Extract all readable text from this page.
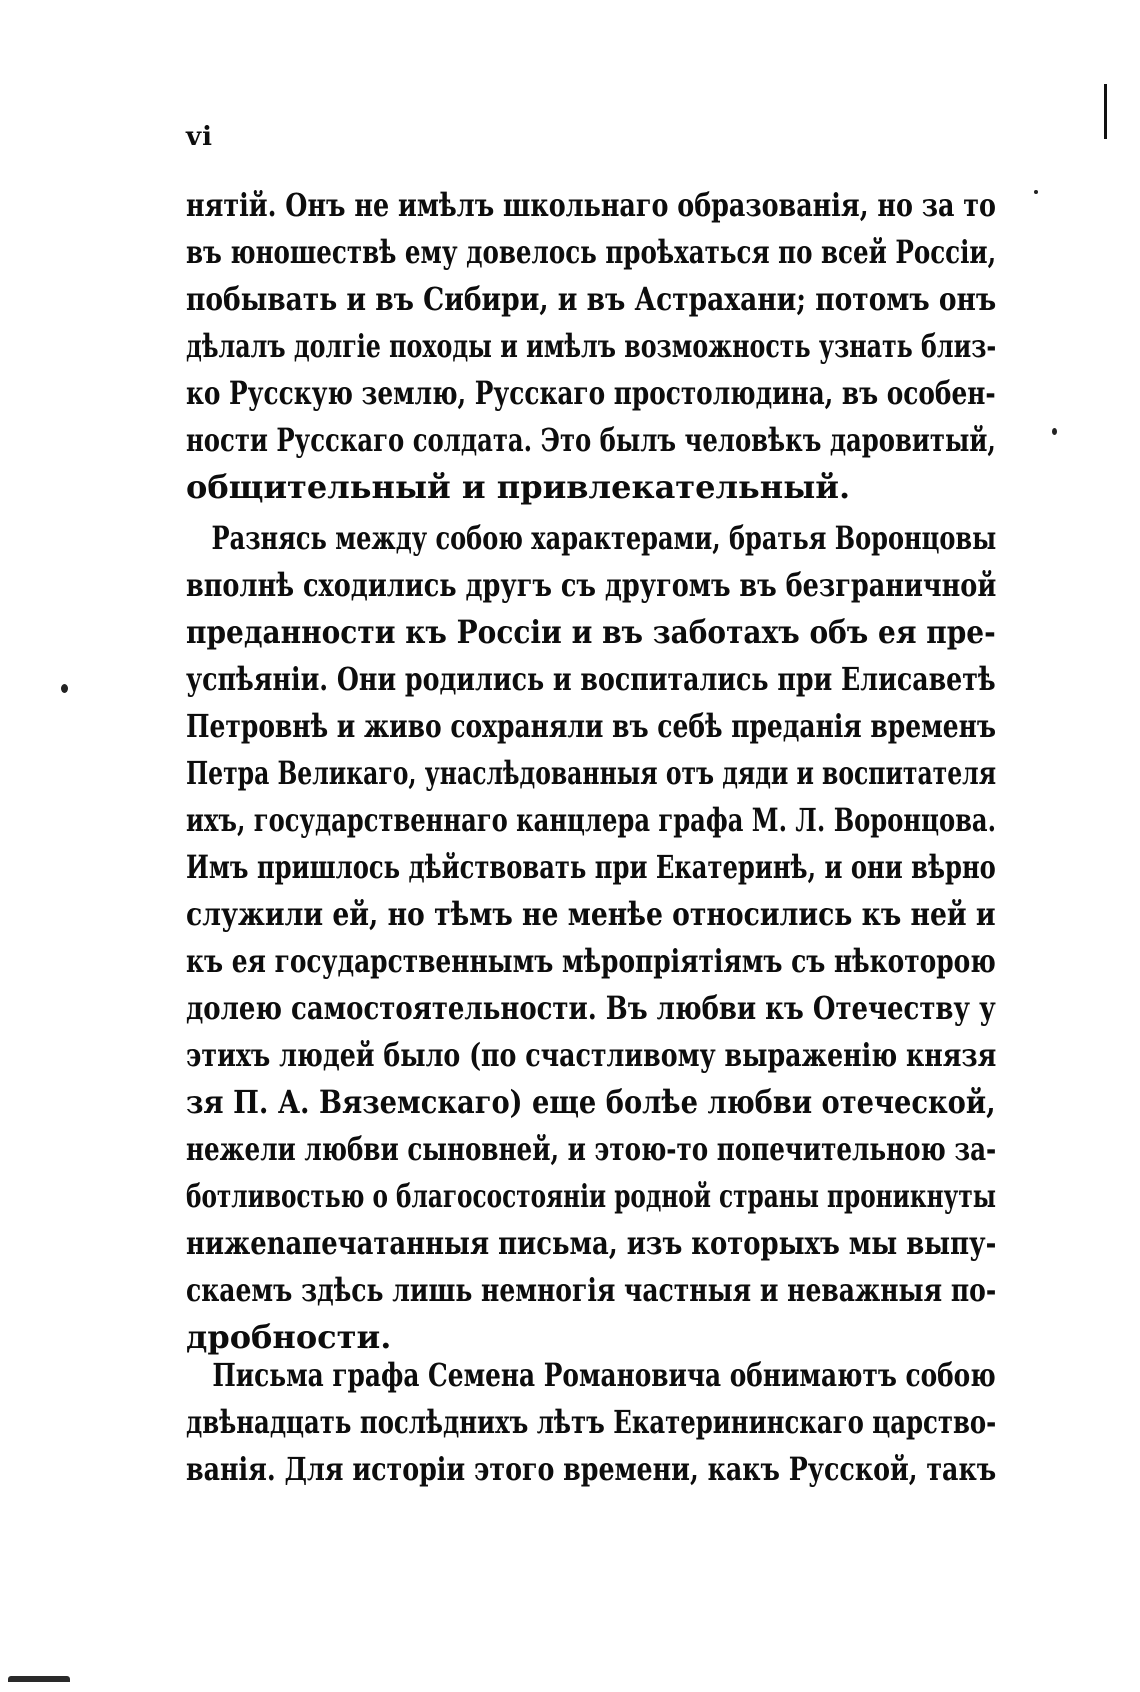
vi
нятій. Онъ не имѣлъ школьнаго образованія, но за то
въ юношествѣ ему довелось проѣхаться по всей Россіи,
побывать и въ Сибири, и въ Астрахани; потомъ онъ
дѣлалъ долгіе походы и имѣлъ возможность узнать близ-
ко Русскую землю, Русскаго простолюдина, въ особен-
ности Русскаго солдата. Это былъ человѣкъ даровитый,
общительный и привлекательный.
Разнясь между собою характерами, братья Воронцовы
вполнѣ сходились другъ съ другомъ въ безграничной
преданности къ Россіи и въ заботахъ объ ея пре-
успѣяніи. Они родились и воспитались при Елисаветѣ
Петровнѣ и живо сохраняли въ себѣ преданія временъ
Петра Великаго, унаслѣдованныя отъ дяди и воспитателя
ихъ, государственнаго канцлера графа М. Л. Воронцова.
Имъ пришлось дѣйствовать при Екатеринѣ, и они вѣрно
служили ей, но тѣмъ не менѣе относились къ ней и
къ ея государственнымъ мѣропріятіямъ съ нѣкоторою
долею самостоятельности. Въ любви къ Отечеству у
этихъ людей было (по счастливому выраженію князя
зя П. А. Вяземскаго) еще болѣе любви отеческой,
нежели любви сыновней, и этою-то попечительною за-
ботливостью о благосостояніи родной страны проникнуты
нижеnапечатанныя письма, изъ которыхъ мы выпу-
скаемъ здѣсь лишь немногія частныя и неважныя по-
дробности.
Письма графа Семена Романовича обнимаютъ собою
двѣнадцать послѣднихъ лѣтъ Екатерининскаго царство-
ванія. Для исторіи этого времени, какъ Русской, такъ
